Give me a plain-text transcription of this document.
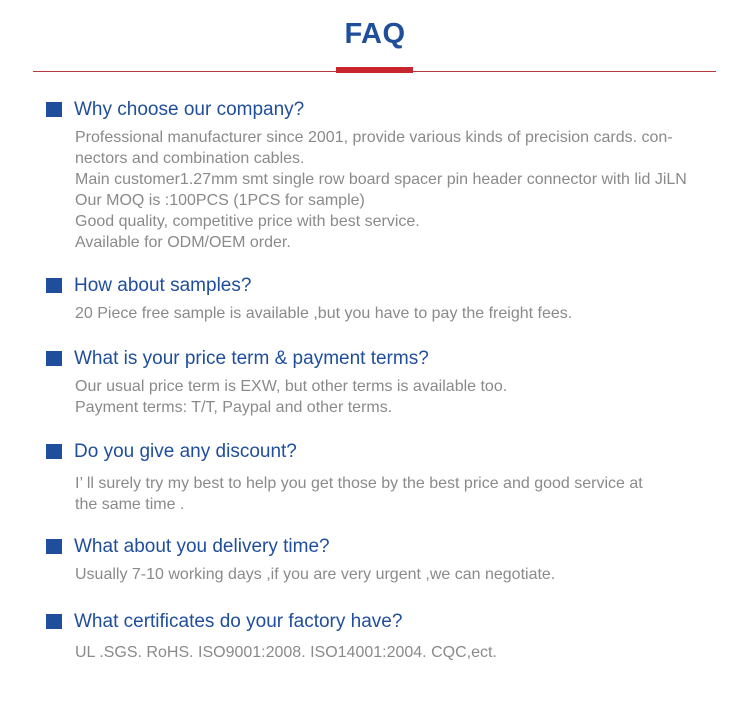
FAQ
Why choose our company?
Professional manufacturer since 2001, provide various kinds of precision cards. con-
nectors and combination cables.
Main customer1.27mm smt single row board spacer pin header connector with lid JiLN
Our MOQ is :100PCS (1PCS for sample)
Good quality, competitive price with best service.
Available for ODM/OEM order.
How about samples?
20 Piece free sample is available ,but you have to pay the freight fees.
What is your price term & payment terms?
Our usual price term is EXW, but other terms is available too.
Payment terms: T/T, Paypal and other terms.
Do you give any discount?
I’ ll surely try my best to help you get those by the best price and good service at
the same time .
What about you delivery time?
Usually 7-10 working days ,if you are very urgent ,we can negotiate.
What certificates do your factory have?
UL .SGS. RoHS. ISO9001:2008. ISO14001:2004. CQC,ect.
